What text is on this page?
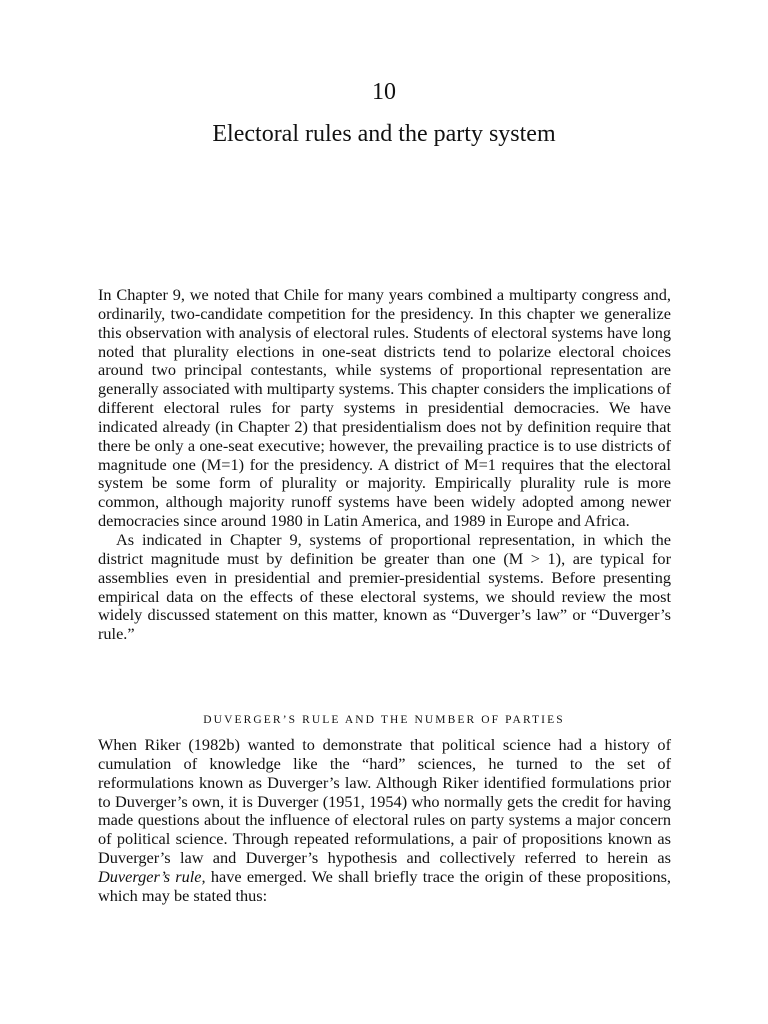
10
Electoral rules and the party system

In Chapter 9, we noted that Chile for many years combined a multiparty congress and, ordinarily, two-candidate competition for the presidency. In this chapter we generalize this observation with analysis of electoral rules. Students of electoral systems have long noted that plurality elections in one-seat districts tend to polarize electoral choices around two principal contestants, while systems of proportional representation are generally associated with multiparty systems. This chapter considers the implications of different electoral rules for party systems in presidential democracies. We have indicated already (in Chapter 2) that presidentialism does not by definition require that there be only a one-seat executive; however, the prevailing practice is to use districts of magnitude one (M=1) for the presidency. A district of M=1 requires that the electoral system be some form of plurality or majority. Empirically plurality rule is more common, although majority runoff systems have been widely adopted among newer democracies since around 1980 in Latin America, and 1989 in Europe and Africa.

As indicated in Chapter 9, systems of proportional representation, in which the district magnitude must by definition be greater than one (M > 1), are typical for assemblies even in presidential and premier-presidential systems. Before presenting empirical data on the effects of these electoral systems, we should review the most widely discussed statement on this matter, known as “Duverger’s law” or “Duverger’s rule.”

DUVERGER’S RULE AND THE NUMBER OF PARTIES

When Riker (1982b) wanted to demonstrate that political science had a history of cumulation of knowledge like the “hard” sciences, he turned to the set of reformulations known as Duverger’s law. Although Riker identified formulations prior to Duverger’s own, it is Duverger (1951, 1954) who normally gets the credit for having made questions about the influence of electoral rules on party systems a major concern of political science. Through repeated reformulations, a pair of propositions known as Duverger’s law and Duverger’s hypothesis and collectively referred to herein as Duverger’s rule, have emerged. We shall briefly trace the origin of these propositions, which may be stated thus:
